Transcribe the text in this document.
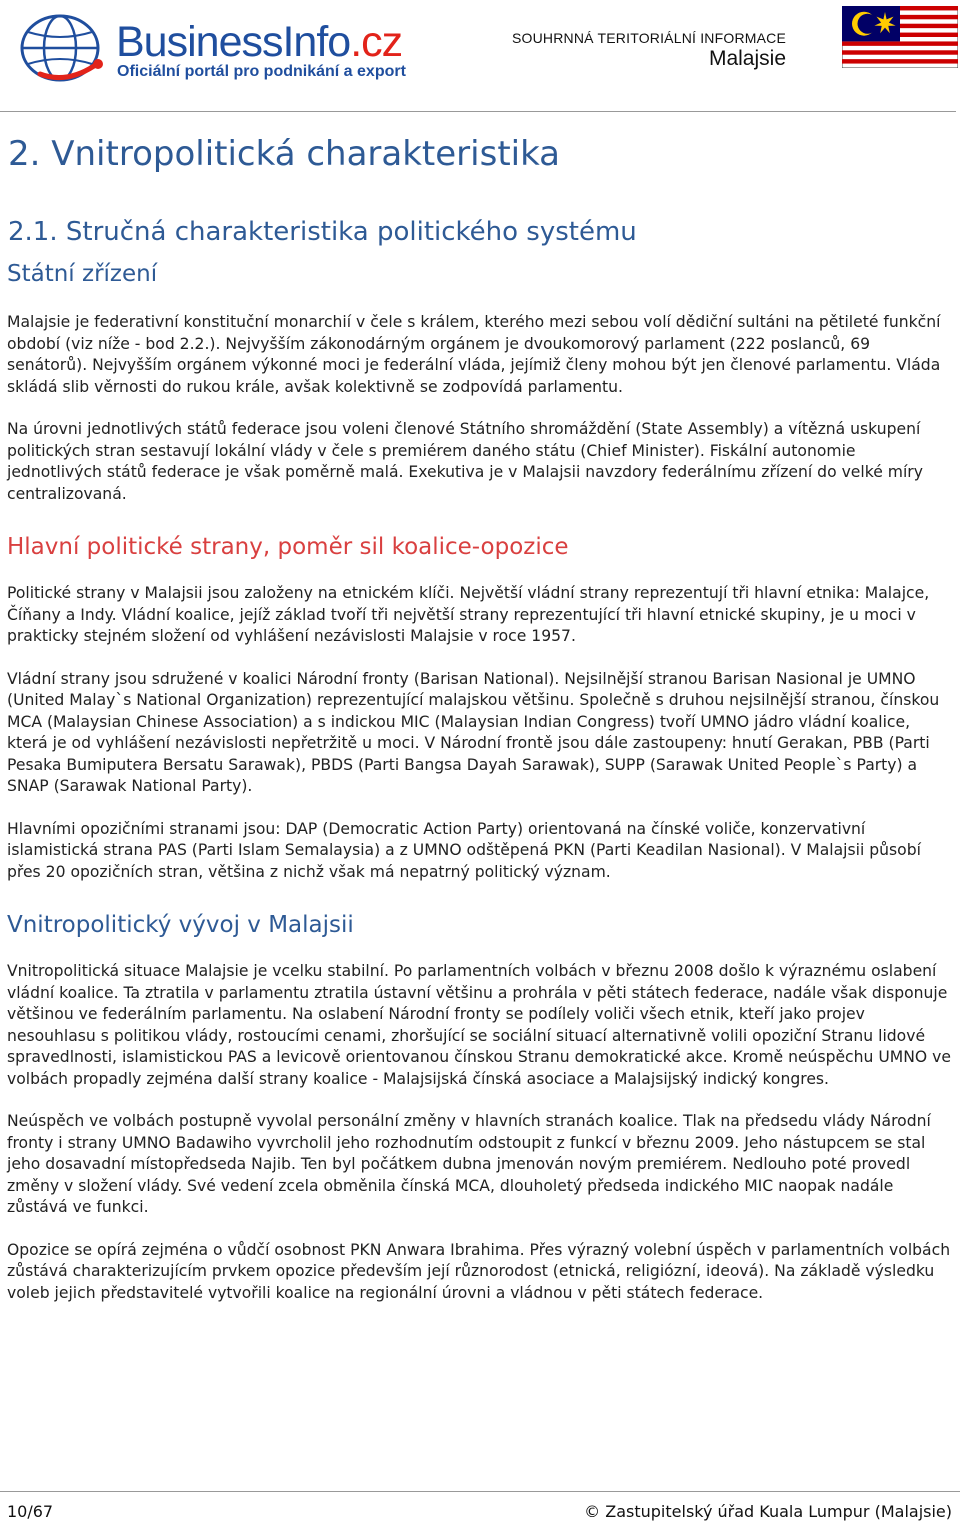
BusinessInfo.cz
Oficiální portál pro podnikání a export
SOUHRNNÁ TERITORIÁLNÍ INFORMACE
Malajsie
2. Vnitropolitická charakteristika
2.1. Stručná charakteristika politického systému
Státní zřízení

Malajsie je federativní konstituční monarchií v čele s králem, kterého mezi sebou volí dědiční sultáni na pětileté funkční období (viz níže - bod 2.2.). Nejvyšším zákonodárným orgánem je dvoukomorový parlament (222 poslanců, 69 senátorů). Nejvyšším orgánem výkonné moci je federální vláda, jejímiž členy mohou být jen členové parlamentu. Vláda skládá slib věrnosti do rukou krále, avšak kolektivně se zodpovídá parlamentu.

Na úrovni jednotlivých států federace jsou voleni členové Státního shromáždění (State Assembly) a vítězná uskupení politických stran sestavují lokální vlády v čele s premiérem daného státu (Chief Minister). Fiskální autonomie jednotlivých států federace je však poměrně malá. Exekutiva je v Malajsii navzdory federálnímu zřízení do velké míry centralizovaná.

Hlavní politické strany, poměr sil koalice-opozice

Politické strany v Malajsii jsou založeny na etnickém klíči. Největší vládní strany reprezentují tři hlavní etnika: Malajce, Číňany a Indy. Vládní koalice, jejíž základ tvoří tři největší strany reprezentující tři hlavní etnické skupiny, je u moci v prakticky stejném složení od vyhlášení nezávislosti Malajsie v roce 1957.

Vládní strany jsou sdružené v koalici Národní fronty (Barisan National). Nejsilnější stranou Barisan Nasional je UMNO (United Malay`s National Organization) reprezentující malajskou většinu. Společně s druhou nejsilnější stranou, čínskou MCA (Malaysian Chinese Association) a s indickou MIC (Malaysian Indian Congress) tvoří UMNO jádro vládní koalice, která je od vyhlášení nezávislosti nepřetržitě u moci. V Národní frontě jsou dále zastoupeny: hnutí Gerakan, PBB (Parti Pesaka Bumiputera Bersatu Sarawak), PBDS (Parti Bangsa Dayah Sarawak), SUPP (Sarawak United People`s Party) a SNAP (Sarawak National Party).

Hlavními opozičními stranami jsou: DAP (Democratic Action Party) orientovaná na čínské voliče, konzervativní islamistická strana PAS (Parti Islam Semalaysia) a z UMNO odštěpená PKN (Parti Keadilan Nasional). V Malajsii působí přes 20 opozičních stran, většina z nichž však má nepatrný politický význam.

Vnitropolitický vývoj v Malajsii

Vnitropolitická situace Malajsie je vcelku stabilní. Po parlamentních volbách v březnu 2008 došlo k výraznému oslabení vládní koalice. Ta ztratila v parlamentu ztratila ústavní většinu a prohrála v pěti státech federace, nadále však disponuje většinou ve federálním parlamentu. Na oslabení Národní fronty se podílely voliči všech etnik, kteří jako projev nesouhlasu s politikou vlády, rostoucími cenami, zhoršující se sociální situací alternativně volili opoziční Stranu lidové spravedlnosti, islamistickou PAS a levicově orientovanou čínskou Stranu demokratické akce. Kromě neúspěchu UMNO ve volbách propadly zejména další strany koalice - Malajsijská čínská asociace a Malajsijský indický kongres.

Neúspěch ve volbách postupně vyvolal personální změny v hlavních stranách koalice. Tlak na předsedu vlády Národní fronty i strany UMNO Badawiho vyvrcholil jeho rozhodnutím odstoupit z funkcí v březnu 2009. Jeho nástupcem se stal jeho dosavadní místopředseda Najib. Ten byl počátkem dubna jmenován novým premiérem. Nedlouho poté provedl změny v složení vlády. Své vedení zcela obměnila čínská MCA, dlouholetý předseda indického MIC naopak nadále zůstává ve funkci.

Opozice se opírá zejména o vůdčí osobnost PKN Anwara Ibrahima. Přes výrazný volební úspěch v parlamentních volbách zůstává charakterizujícím prvkem opozice především její různorodost (etnická, religiózní, ideová). Na základě výsledku voleb jejich představitelé vytvořili koalice na regionální úrovni a vládnou v pěti státech federace.

10/67	© Zastupitelský úřad Kuala Lumpur (Malajsie)
